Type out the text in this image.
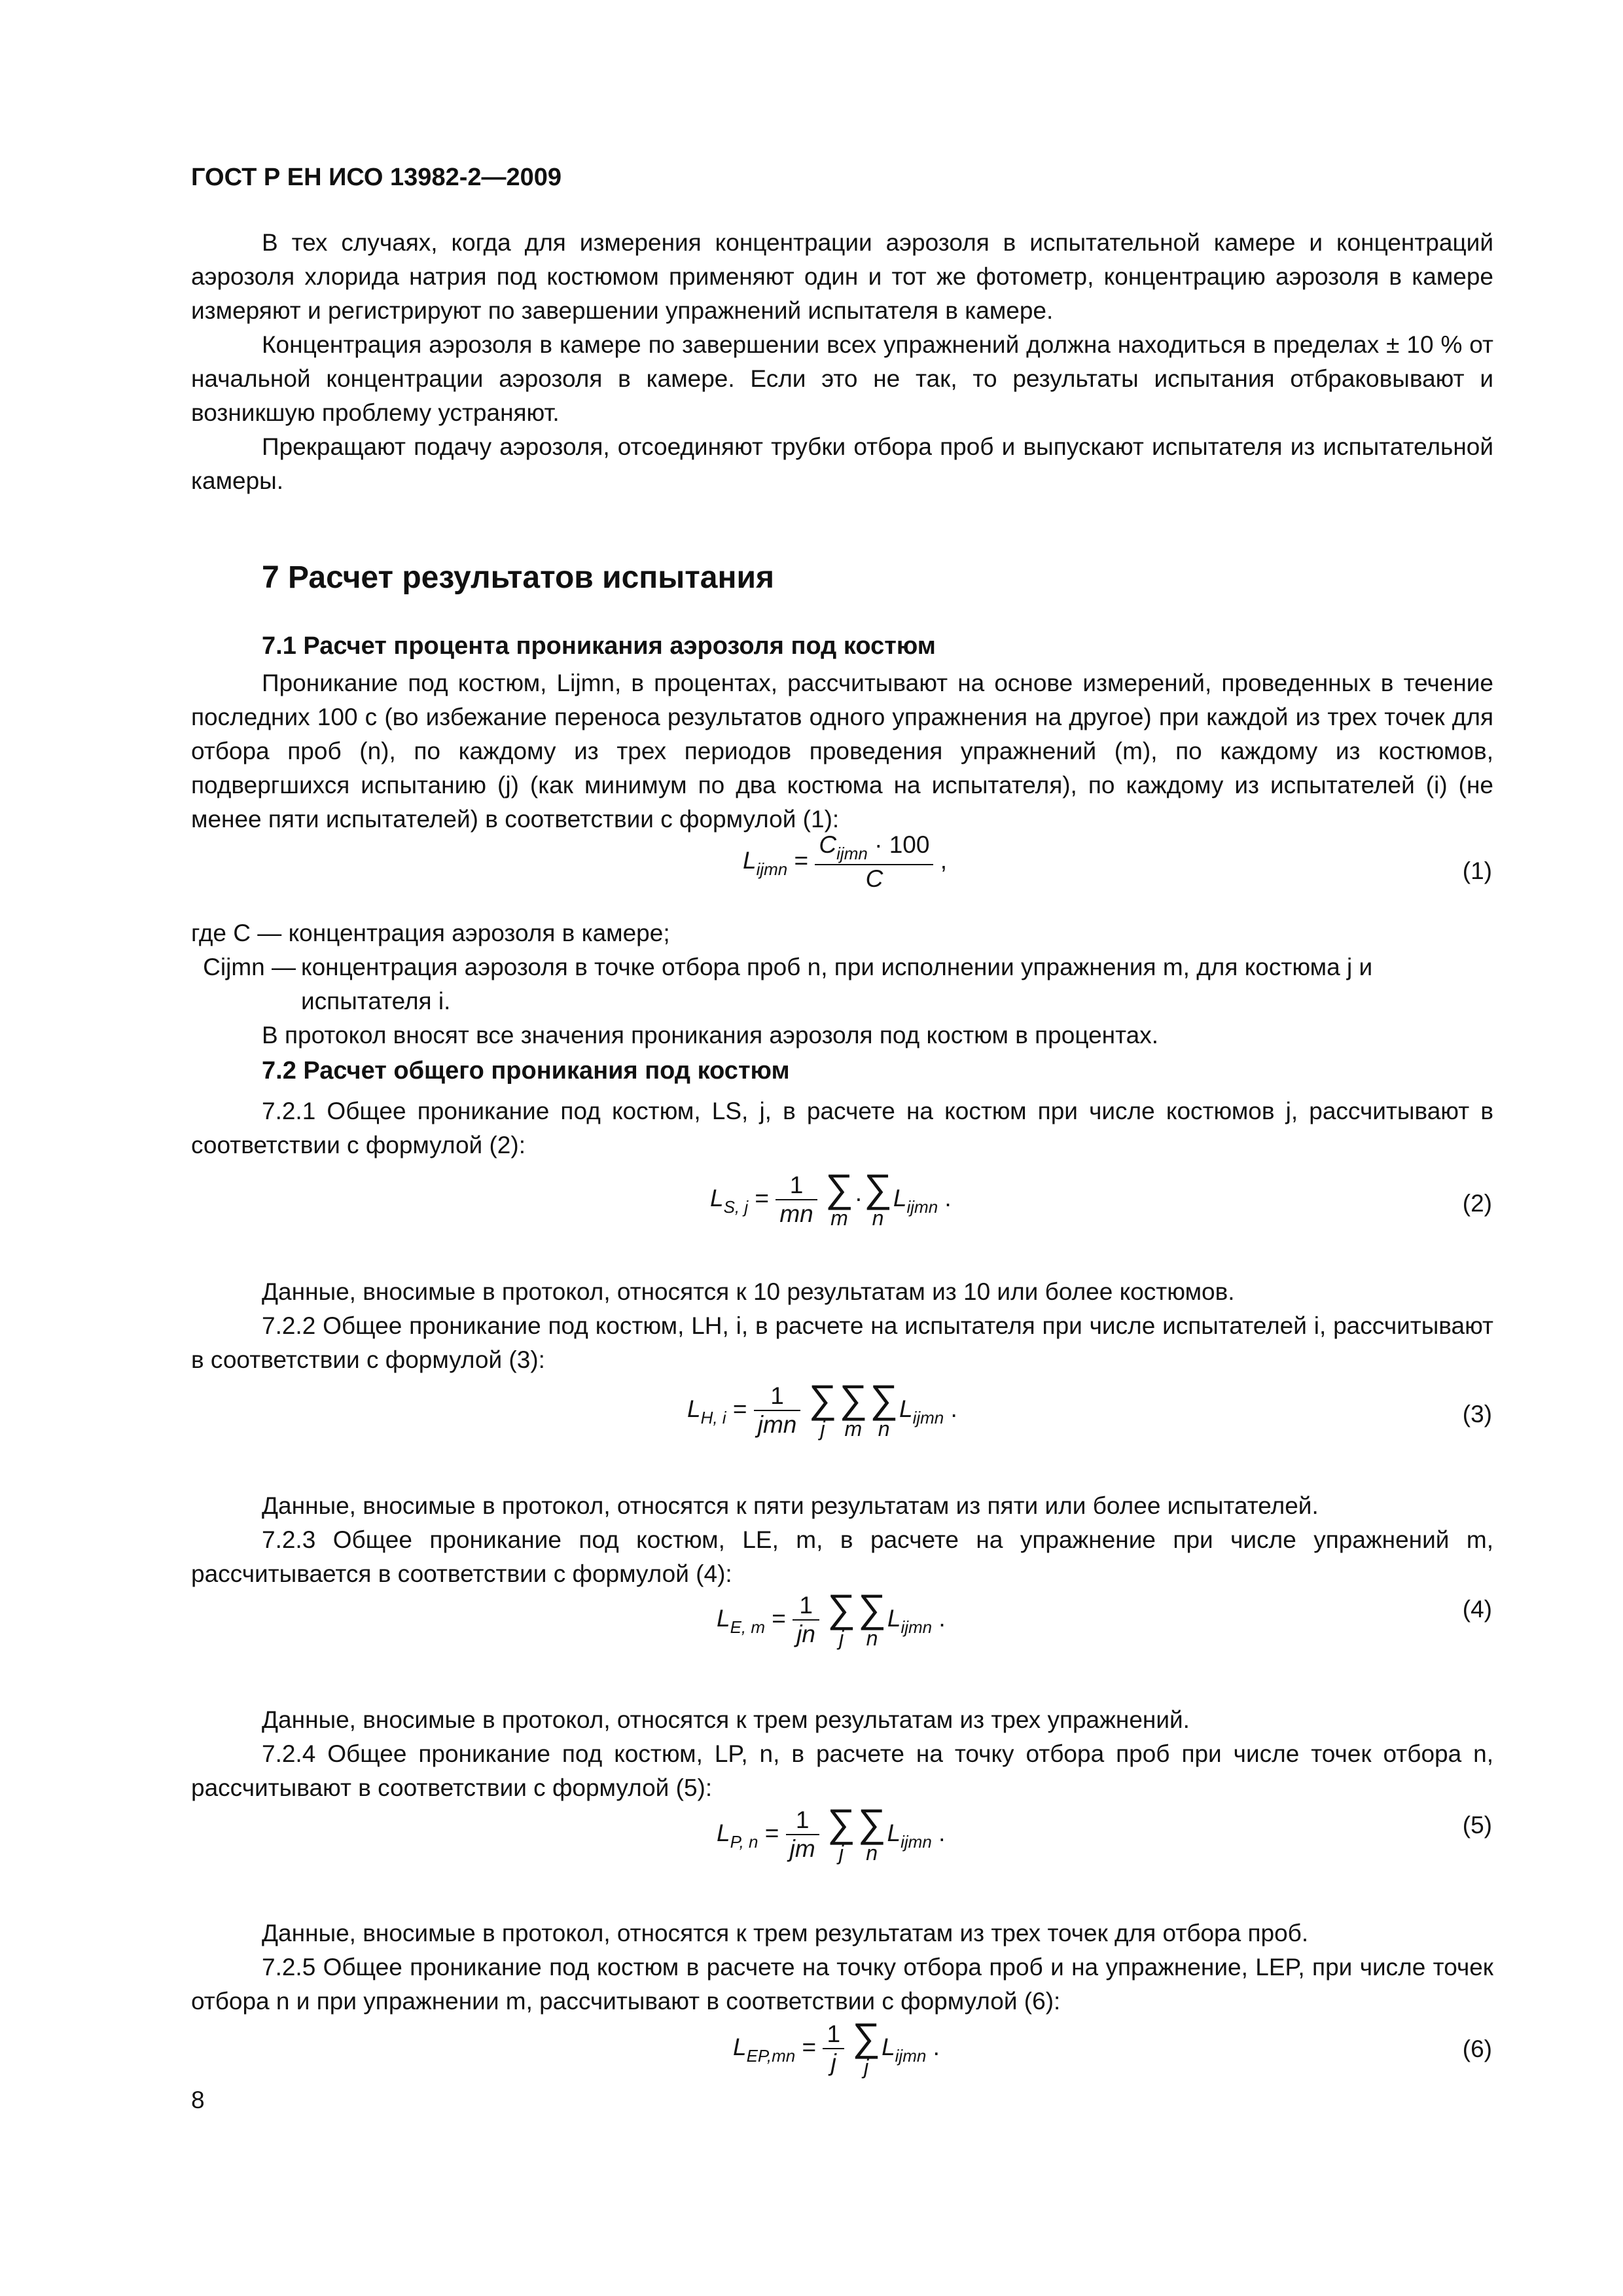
ГОСТ Р ЕН ИСО 13982-2—2009

В тех случаях, когда для измерения концентрации аэрозоля в испытательной камере и концентраций аэрозоля хлорида натрия под костюмом применяют один и тот же фотометр, концентрацию аэрозоля в камере измеряют и регистрируют по завершении упражнений испытателя в камере.

Концентрация аэрозоля в камере по завершении всех упражнений должна находиться в пределах ± 10 % от начальной концентрации аэрозоля в камере. Если это не так, то результаты испытания отбраковывают и возникшую проблему устраняют.

Прекращают подачу аэрозоля, отсоединяют трубки отбора проб и выпускают испытателя из испытательной камеры.

7 Расчет результатов испытания
7.1 Расчет процента проникания аэрозоля под костюм

Проникание под костюм, Lijmn, в процентах, рассчитывают на основе измерений, проведенных в течение последних 100 с (во избежание переноса результатов одного упражнения на другое) при каждой из трех точек для отбора проб (n), по каждому из трех периодов проведения упражнений (m), по каждому из костюмов, подвергшихся испытанию (j) (как минимум по два костюма на испытателя), по каждому из испытателей (i) (не менее пяти испытателей) в соответствии с формулой (1):

$L_{ijmn} = \frac{C_{ijmn} \cdot 100}{C}$ ,	(1)
где C —
концентрация аэрозоля в камере;
Cijmn — концентрация аэрозоля в точке отбора проб n, при исполнении упражнения m, для костюма j и испытателя i.

В протокол вносят все значения проникания аэрозоля под костюм в процентах.

7.2 Расчет общего проникания под костюм

7.2.1 Общее проникание под костюм, LS, j, в расчете на костюм при числе костюмов j, рассчитывают в соответствии с формулой (2):

$L_{S, j} = \frac{1}{mn}$ ∑
m
·∑
n
$L_{ijmn}$ .	(2)

Данные, вносимые в протокол, относятся к 10 результатам из 10 или более костюмов.

7.2.2 Общее проникание под костюм, LH, i, в расчете на испытателя при числе испытателей i, рассчитывают в соответствии с формулой (3):

$L_{H, i} = \frac{1}{\text{jmn}}$ ∑
j
∑
m
∑
n
$L_{ijmn}$ .	(3)

Данные, вносимые в протокол, относятся к пяти результатам из пяти или более испытателей.

7.2.3 Общее проникание под костюм, LE, m, в расчете на упражнение при числе упражнений m, рассчитывается в соответствии с формулой (4):

$L_{E, m} = \frac{1}{jn}$ ∑
j
∑
n
$L_{ijmn}$ .	(4)

Данные, вносимые в протокол, относятся к трем результатам из трех упражнений.

7.2.4 Общее проникание под костюм, LP, n, в расчете на точку отбора проб при числе точек отбора n, рассчитывают в соответствии с формулой (5):

$L_{P, n} = \frac{1}{jm}$ ∑
j
∑
n
$L_{ijmn}$ .	(5)

Данные, вносимые в протокол, относятся к трем результатам из трех точек для отбора проб.

7.2.5 Общее проникание под костюм в расчете на точку отбора проб и на упражнение, LEP, при числе точек отбора n и при упражнении m, рассчитывают в соответствии с формулой (6):

$L_{EP,mn} = \frac{1}{j}$ ∑
j
$L_{ijmn}$ .	(6)
8
